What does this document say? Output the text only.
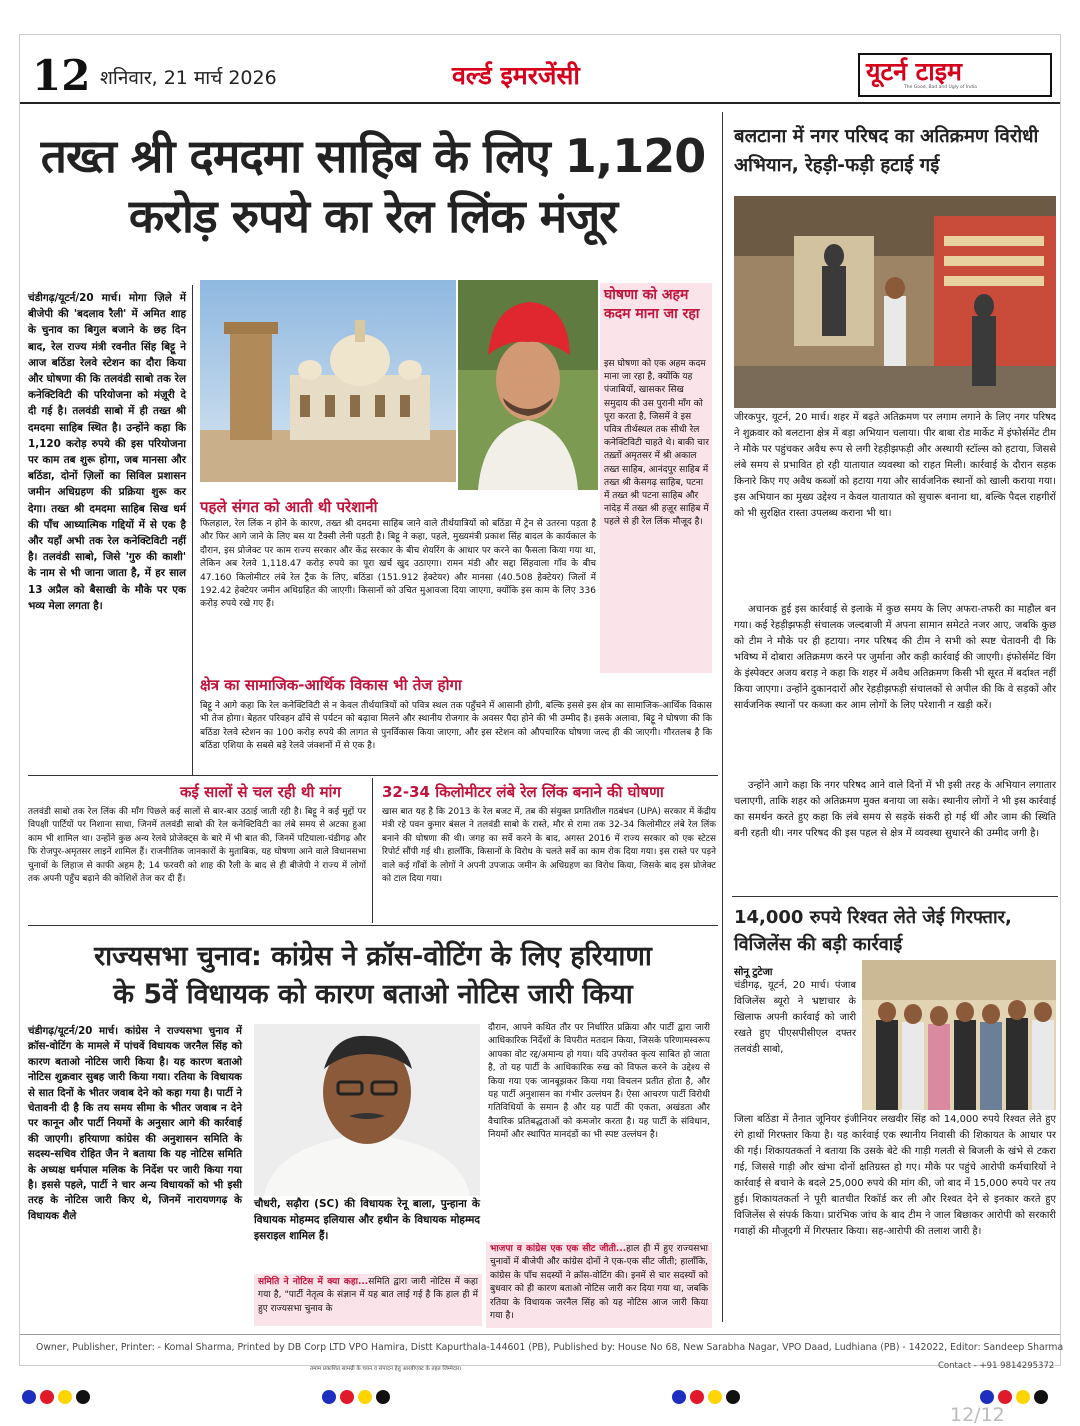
12 शनिवार, 21 मार्च 2026	वर्ल्ड इमरजेंसी	यूटर्न टाइम
The Good, Bad and Ugly of India
तख्त श्री दमदमा साहिब के लिए 1,120
करोड़ रुपये का रेल लिंक मंजूर

चंडीगढ़/यूटर्न/20 मार्च। मोगा ज़िले में बीजेपी की 'बदलाव रैली' में अमित शाह के चुनाव का बिगुल बजाने के छह दिन बाद, रेल राज्य मंत्री रवनीत सिंह बिट्टू ने आज बठिंडा रेलवे स्टेशन का दौरा किया और घोषणा की कि तलवंडी साबो तक रेल कनेक्टिविटी की परियोजना को मंज़ूरी दे दी गई है। तलवंडी साबो में ही तख्त श्री दमदमा साहिब स्थित है। उन्होंने कहा कि 1,120 करोड़ रुपये की इस परियोजना पर काम तब शुरू होगा, जब मानसा और बठिंडा, दोनों ज़िलों का सिविल प्रशासन जमीन अधिग्रहण की प्रक्रिया शुरू कर देगा। तख्त श्री दमदमा साहिब सिख धर्म की पाँच आध्यात्मिक गद्दियों में से एक है और यहाँ अभी तक रेल कनेक्टिविटी नहीं है। तलवंडी साबो, जिसे 'गुरु की काशी' के नाम से भी जाना जाता है, में हर साल 13 अप्रैल को बैसाखी के मौके पर एक भव्य मेला लगता है।

घोषणा को अहम कदम माना जा रहा

इस घोषणा को एक अहम कदम माना जा रहा है, क्योंकि यह पंजाबियों, खासकर सिख समुदाय की उस पुरानी माँग को पूरा करता है, जिसमें वे इस पवित्र तीर्थस्थल तक सीधी रेल कनेक्टिविटी चाहते थे। बाकी चार तख़्तों अमृतसर में श्री अकाल तख्त साहिब, आनंदपुर साहिब में तख्त श्री केसगढ़ साहिब, पटना में तख्त श्री पटना साहिब और नांदेड़ में तख्त श्री हज़ूर साहिब में पहले से ही रेल लिंक मौजूद है।

पहले संगत को आती थी परेशानी

फिलहाल, रेल लिंक न होने के कारण, तख्त श्री दमदमा साहिब जाने वाले तीर्थयात्रियों को बठिंडा में ट्रेन से उतरना पड़ता है और फिर आगे जाने के लिए बस या टैक्सी लेनी पड़ती है। बिट्टू ने कहा, पहले, मुख्यमंत्री प्रकाश सिंह बादल के कार्यकाल के दौरान, इस प्रोजेक्ट पर काम राज्य सरकार और केंद्र सरकार के बीच शेयरिंग के आधार पर करने का फैसला किया गया था, लेकिन अब रेलवे 1,118.47 करोड़ रुपये का पूरा खर्च खुद उठाएगा। रामन मंडी और सद्दा सिंहवाला गाँव के बीच 47.160 किलोमीटर लंबे रेल ट्रैक के लिए, बठिंडा (151.912 हेक्टेयर) और मानसा (40.508 हेक्टेयर) जिलों में 192.42 हेक्टेयर जमीन अधिग्रहित की जाएगी। किसानों को उचित मुआवजा दिया जाएगा, क्योंकि इस काम के लिए 336 करोड़ रुपये रखे गए हैं।

क्षेत्र का सामाजिक-आर्थिक विकास भी तेज होगा

बिट्टू ने आगे कहा कि रेल कनेक्टिविटी से न केवल तीर्थयात्रियों को पवित्र स्थल तक पहुँचने में आसानी होगी, बल्कि इससे इस क्षेत्र का सामाजिक-आर्थिक विकास भी तेज होगा। बेहतर परिवहन ढाँचे से पर्यटन को बढ़ावा मिलने और स्थानीय रोजगार के अवसर पैदा होने की भी उम्मीद है। इसके अलावा, बिट्टू ने घोषणा की कि बठिंडा रेलवे स्टेशन का 100 करोड़ रुपये की लागत से पुनर्विकास किया जाएगा, और इस स्टेशन को औपचारिक घोषणा जल्द ही की जाएगी। गौरतलब है कि बठिंडा एशिया के सबसे बड़े रेलवे जंक्शनों में से एक है।

कई सालों से चल रही थी मांग

तलवंडी साबो तक रेल लिंक की माँग पिछले कई सालों से बार-बार उठाई जाती रही है। बिट्टू ने कई मुद्दों पर विपक्षी पार्टियों पर निशाना साधा, जिनमें तलवंडी साबो की रेल कनेक्टिविटी का लंबे समय से अटका हुआ काम भी शामिल था। उन्होंने कुछ अन्य रेलवे प्रोजेक्ट्स के बारे में भी बात की, जिनमें पटियाला-चंडीगढ़ और फि रोजपुर-अमृतसर लाइनें शामिल हैं। राजनीतिक जानकारों के मुताबिक, यह घोषणा आने वाले विधानसभा चुनावों के लिहाज से काफी अहम है; 14 फरवरी को शाह की रैली के बाद से ही बीजेपी ने राज्य में लोगों तक अपनी पहुँच बढ़ाने की कोशिशें तेज कर दी हैं।

32-34 किलोमीटर लंबे रेल लिंक बनाने की घोषणा

खास बात यह है कि 2013 के रेल बजट में, तब की संयुक्त प्रगतिशील गठबंधन (UPA) सरकार में केंद्रीय मंत्री रहे पवन कुमार बंसल ने तलवंडी साबो के रास्ते, मौर से रामा तक 32-34 किलोमीटर लंबे रेल लिंक बनाने की घोषणा की थी। जगह का सर्वे करने के बाद, अगस्त 2016 में राज्य सरकार को एक स्टेटस रिपोर्ट सौंपी गई थी। हालाँकि, किसानों के विरोध के चलते सर्वे का काम रोक दिया गया। इस रास्ते पर पड़ने वाले कई गाँवों के लोगों ने अपनी उपजाऊ जमीन के अधिग्रहण का विरोध किया, जिसके बाद इस प्रोजेक्ट को टाल दिया गया।

राज्यसभा चुनाव: कांग्रेस ने क्रॉस-वोटिंग के लिए हरियाणा
के 5वें विधायक को कारण बताओ नोटिस जारी किया

चंडीगढ़/यूटर्न/20 मार्च। कांग्रेस ने राज्यसभा चुनाव में क्रॉस-वोटिंग के मामले में पांचवें विधायक जरनैल सिंह को कारण बताओ नोटिस जारी किया है। यह कारण बताओ नोटिस शुक्रवार सुबह जारी किया गया। रतिया के विधायक से सात दिनों के भीतर जवाब देने को कहा गया है। पार्टी ने चेतावनी दी है कि तय समय सीमा के भीतर जवाब न देने पर कानून और पार्टी नियमों के अनुसार आगे की कार्रवाई की जाएगी। हरियाणा कांग्रेस की अनुशासन समिति के सदस्य-सचिव रोहित जैन ने बताया कि यह नोटिस समिति के अध्यक्ष धर्मपाल मलिक के निर्देश पर जारी किया गया है। इससे पहले, पार्टी ने चार अन्य विधायकों को भी इसी तरह के नोटिस जारी किए थे, जिनमें नारायणगढ़ के विधायक शैले

चौधरी, सढ़ौरा (SC) की विधायक रेनू बाला, पुन्हाना के विधायक मोहम्मद इलियास और हथीन के विधायक मोहम्मद इसराइल शामिल हैं।

समिति ने नोटिस में क्या कहा...समिति द्वारा जारी नोटिस में कहा गया है, "पार्टी नेतृत्व के संज्ञान में यह बात लाई गई है कि हाल ही में हुए राज्यसभा चुनाव के

दौरान, आपने कथित तौर पर निर्धारित प्रक्रिया और पार्टी द्वारा जारी आधिकारिक निर्देशों के विपरीत मतदान किया, जिसके परिणामस्वरूप आपका वोट रद्द/अमान्य हो गया। यदि उपरोक्त कृत्य साबित हो जाता है, तो यह पार्टी के आधिकारिक रुख को विफल करने के उद्देश्य से किया गया एक जानबूझकर किया गया विचलन प्रतीत होता है, और यह पार्टी अनुशासन का गंभीर उल्लंघन है। ऐसा आचरण पार्टी विरोधी गतिविधियों के समान है और यह पार्टी की एकता, अखंडता और वैचारिक प्रतिबद्धताओं को कमजोर करता है। यह पार्टी के संविधान, नियमों और स्थापित मानदंडों का भी स्पष्ट उल्लंघन है।

भाजपा व कांग्रेस एक एक सीट जीती...हाल ही में हुए राज्यसभा चुनावों में बीजेपी और कांग्रेस दोनों ने एक-एक सीट जीती; हालाँकि, कांग्रेस के पाँच सदस्यों ने क्रॉस-वोटिंग की। इनमें से चार सदस्यों को बुधवार को ही कारण बताओ नोटिस जारी कर दिया गया था, जबकि रतिया के विधायक जरनैल सिंह को यह नोटिस आज जारी किया गया है।

बलटाना में नगर परिषद का अतिक्रमण विरोधी अभियान, रेहड़ी-फड़ी हटाई गई

जीरकपुर, यूटर्न, 20 मार्च। शहर में बढ़ते अतिक्रमण पर लगाम लगाने के लिए नगर परिषद ने शुक्रवार को बलटाना क्षेत्र में बड़ा अभियान चलाया। पीर बाबा रोड मार्केट में इंफोर्समेंट टीम ने मौके पर पहुंचकर अवैध रूप से लगी रेहड़ीझफड़ी और अस्थायी स्टॉल्स को हटाया, जिससे लंबे समय से प्रभावित हो रही यातायात व्यवस्था को राहत मिली। कार्रवाई के दौरान सड़क किनारे किए गए अवैध कब्जों को हटाया गया और सार्वजनिक स्थानों को खाली कराया गया। इस अभियान का मुख्य उद्देश्य न केवल यातायात को सुचारू बनाना था, बल्कि पैदल राहगीरों को भी सुरक्षित रास्ता उपलब्ध कराना भी था।

अचानक हुई इस कार्रवाई से इलाके में कुछ समय के लिए अफरा-तफरी का माहौल बन गया। कई रेहड़ीझफड़ी संचालक जल्दबाजी में अपना सामान समेटते नजर आए, जबकि कुछ को टीम ने मौके पर ही हटाया। नगर परिषद की टीम ने सभी को स्पष्ट चेतावनी दी कि भविष्य में दोबारा अतिक्रमण करने पर जुर्माना और कड़ी कार्रवाई की जाएगी। इंफोर्समेंट विंग के इंस्पेक्टर अजय बराड़ ने कहा कि शहर में अवैध अतिक्रमण किसी भी सूरत में बर्दाश्त नहीं किया जाएगा। उन्होंने दुकानदारों और रेहड़ीझफड़ी संचालकों से अपील की कि वे सड़कों और सार्वजनिक स्थानों पर कब्जा कर आम लोगों के लिए परेशानी न खड़ी करें।

उन्होंने आगे कहा कि नगर परिषद आने वाले दिनों में भी इसी तरह के अभियान लगातार चलाएगी, ताकि शहर को अतिक्रमण मुक्त बनाया जा सके। स्थानीय लोगों ने भी इस कार्रवाई का समर्थन करते हुए कहा कि लंबे समय से सड़कें संकरी हो गई थीं और जाम की स्थिति बनी रहती थी। नगर परिषद की इस पहल से क्षेत्र में व्यवस्था सुधारने की उम्मीद जगी है।

14,000 रुपये रिश्वत लेते जेई गिरफ्तार,
विजिलेंस की बड़ी कार्रवाई
सोनू टुटेजा

चंडीगढ़, यूटर्न, 20 मार्च। पंजाब विजिलेंस ब्यूरो ने भ्रष्टाचार के खिलाफ अपनी कार्रवाई को जारी रखते हुए पीएसपीसीएल दफ्तर तलवंडी साबो,

जिला बठिंडा में तैनात जूनियर इंजीनियर लखवीर सिंह को 14,000 रुपये रिश्वत लेते हुए रंगे हाथों गिरफ्तार किया है। यह कार्रवाई एक स्थानीय निवासी की शिकायत के आधार पर की गई। शिकायतकर्ता ने बताया कि उसके बेटे की गाड़ी गलती से बिजली के खंभे से टकरा गई, जिससे गाड़ी और खंभा दोनों क्षतिग्रस्त हो गए। मौके पर पहुंचे आरोपी कर्मचारियों ने कार्रवाई से बचाने के बदले 25,000 रुपये की मांग की, जो बाद में 15,000 रुपये पर तय हुई। शिकायतकर्ता ने पूरी बातचीत रिकॉर्ड कर ली और रिश्वत देने से इनकार करते हुए विजिलेंस से संपर्क किया। प्रारंभिक जांच के बाद टीम ने जाल बिछाकर आरोपी को सरकारी गवाहों की मौजूदगी में गिरफ्तार किया। सह-आरोपी की तलाश जारी है।

Owner, Publisher, Printer: - Komal Sharma, Printed by DB Corp LTD VPO Hamira, Distt Kapurthala-144601 (PB), Published by: House No 68, New Sarabha Nagar, VPO Daad, Ludhiana (PB) - 142022, Editor: Sandeep Sharma
तमाम प्रकाशित सामग्री के चयन व संपादन हेतु आरबीएक्ट के तहत जिम्मेदार।	Contact - +91 9814295372
12/12
